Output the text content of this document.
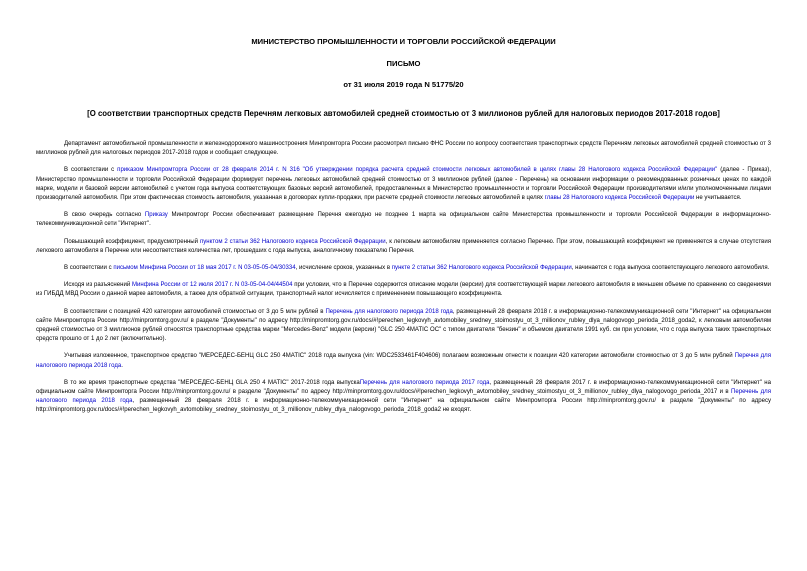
МИНИСТЕРСТВО ПРОМЫШЛЕННОСТИ И ТОРГОВЛИ РОССИЙСКОЙ ФЕДЕРАЦИИ
ПИСЬМО
от 31 июля 2019 года N 51775/20
[О соответствии транспортных средств Перечням легковых автомобилей средней стоимостью от 3 миллионов рублей для налоговых периодов 2017-2018 годов]

Департамент автомобильной промышленности и железнодорожного машиностроения Минпромторга России рассмотрел письмо ФНС России по вопросу соответствия транспортных средств Перечням легковых автомобилей средней стоимостью от 3 миллионов рублей для налоговых периодов 2017-2018 годов и сообщает следующее.

В соответствии с приказом Минпромторга России от 28 февраля 2014 г. N 316 "Об утверждении порядка расчета средней стоимости легковых автомобилей в целях главы 28 Налогового кодекса Российской Федерации" (далее - Приказ), Министерство промышленности и торговли Российской Федерации формирует перечень легковых автомобилей средней стоимостью от 3 миллионов рублей (далее - Перечень) на основании информации о рекомендованных розничных ценах по каждой марке, модели и базовой версии автомобилей с учетом года выпуска соответствующих базовых версий автомобилей, предоставленных в Министерство промышленности и торговли Российской Федерации производителями и/или уполномоченными лицами производителей автомобиля. При этом фактическая стоимость автомобиля, указанная в договорах купли-продажи, при расчете средней стоимости легковых автомобилей в целях главы 28 Налогового кодекса Российской Федерации не учитывается.

В свою очередь согласно Приказу Минпромторг России обеспечивает размещение Перечня ежегодно не позднее 1 марта на официальном сайте Министерства промышленности и торговли Российской Федерации в информационно-телекоммуникационной сети "Интернет".

Повышающий коэффициент, предусмотренный пунктом 2 статьи 362 Налогового кодекса Российской Федерации, к легковым автомобилям применяется согласно Перечню. При этом, повышающий коэффициент не применяется в случае отсутствия легкового автомобиля в Перечне или несоответствия количества лет, прошедших с года выпуска, аналогичному показателю Перечня.

В соответствии с письмом Минфина России от 18 мая 2017 г. N 03-05-05-04/30334, исчисление сроков, указанных в пункте 2 статьи 362 Налогового кодекса Российской Федерации, начинается с года выпуска соответствующего легкового автомобиля.

Исходя из разъяснений Минфина России от 12 июля 2017 г. N 03-05-04-04/44504 при условии, что в Перечне содержится описание модели (версии) для соответствующей марки легкового автомобиля в меньшем объеме по сравнению со сведениями из ГИБДД МВД России о данной марке автомобиля, а также для обратной ситуации, транспортный налог исчисляется с применением повышающего коэффициента.

В соответствии с позицией 420 категории автомобилей стоимостью от 3 до 5 млн рублей в Перечень для налогового периода 2018 года, размещенный 28 февраля 2018 г. в информационно-телекоммуникационной сети "Интернет" на официальном сайте Минпромторга России http://minpromtorg.gov.ru/ в разделе "Документы" по адресу http://minpromtorg.gov.ru/docs/#!perechen_legkovyh_avtomobiley_sredney_stoimostyu_ot_3_millionov_rubley_dlya_nalogovogo_perioda_2018_goda2, к легковым автомобилям средней стоимостью от 3 миллионов рублей относятся транспортные средства марки "Mercedes-Benz" модели (версии) "GLC 250 4MATIC ОС" с типом двигателя "бензин" и объемом двигателя 1991 куб. см при условии, что с года выпуска таких транспортных средств прошло от 1 до 2 лет (включительно).

Учитывая изложенное, транспортное средство "МЕРСЕДЕС-БЕНЦ GLC 250 4MATIC" 2018 года выпуска (vin: WDC2533461F404606) полагаем возможным отнести к позиции 420 категории автомобили стоимостью от 3 до 5 млн рублей Перечня для налогового периода 2018 года.

В то же время транспортные средства "МЕРСЕДЕС-БЕНЦ GLA 250 4 MATIC" 2017-2018 года выпускаПеречень для налогового периода 2017 года, размещенный 28 февраля 2017 г. в информационно-телекоммуникационной сети "Интернет" на официальном сайте Минпромторга России http://minpromtorg.gov.ru/ в разделе "Документы" по адресу http://minpromtorg.gov.ru/docs/#!perechen_legkovyh_avtomobiley_sredney_stoimostyu_ot_3_millionov_rubley_dlya_nalogovogo_perioda_2017 и в Перечень для налогового периода 2018 года, размещенный 28 февраля 2018 г. в информационно-телекоммуникационной сети "Интернет" на официальном сайте Минпромторга России http://minpromtorg.gov.ru/ в разделе "Документы" по адресу http://minpromtorg.gov.ru/docs/#!perechen_legkovyh_avtomobiley_sredney_stoimostyu_ot_3_millionov_rubley_dlya_nalogovogo_perioda_2018_goda2 не входят.
